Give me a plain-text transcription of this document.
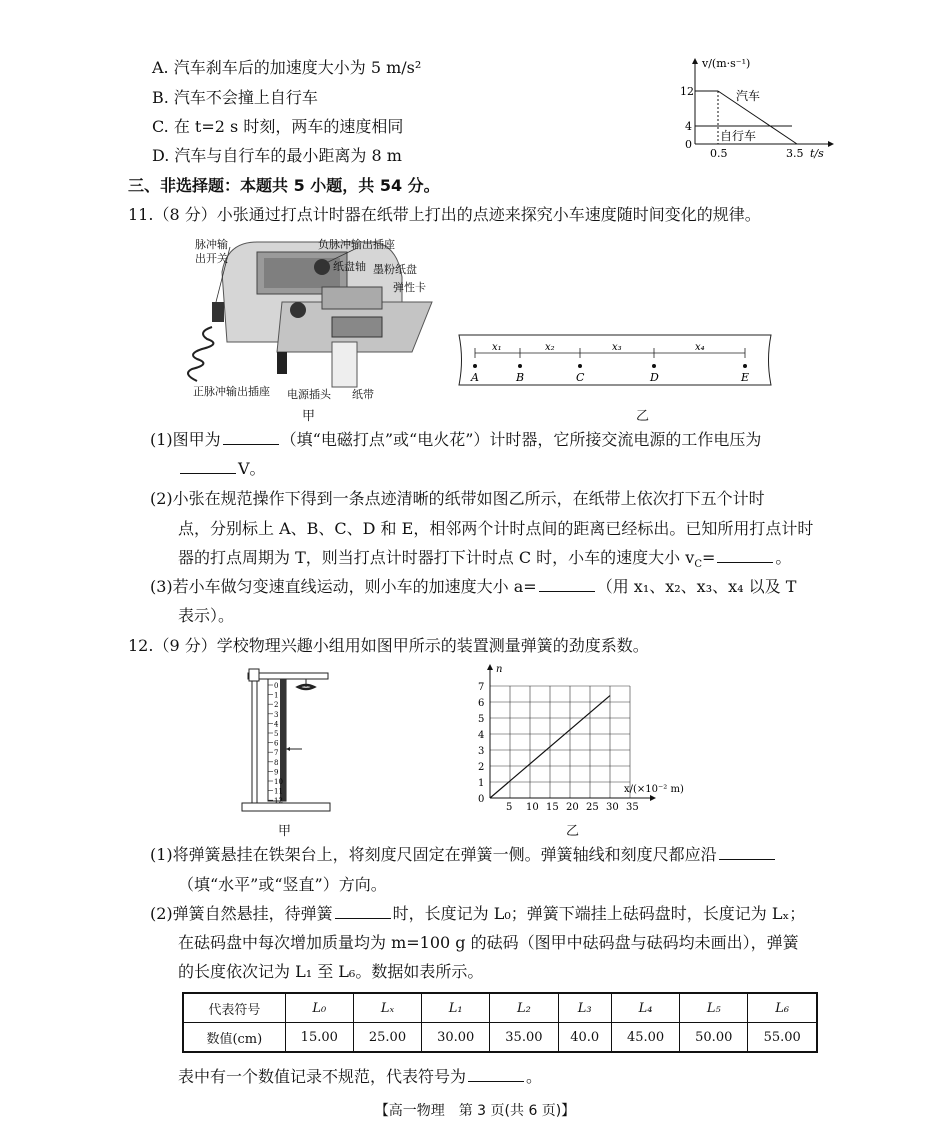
A. 汽车刹车后的加速度大小为 5 m/s²
B. 汽车不会撞上自行车
C. 在 t=2 s 时刻，两车的速度相同
D. 汽车与自行车的最小距离为 8 m
v/(m·s⁻¹)
汽车
自行车
12
4
0
0.5	3.5 t/s
三、非选择题：本题共 5 小题，共 54 分。
11.（8 分）小张通过打点计时器在纸带上打出的点迹来探究小车速度随时间变化的规律。
脉冲输
出开关
负脉冲输出插座
纸盘轴 墨粉纸盘
弹性卡
正脉冲输出插座 电源插头 纸带
甲
A	B	C	D	E
x₁	x₂	x₃	x₄
乙
(1)图甲为	（填“电磁打点”或“电火花”）计时器，它所接交流电源的工作电压为
V。
(2)小张在规范操作下得到一条点迹清晰的纸带如图乙所示，在纸带上依次打下五个计时
点，分别标上 A、B、C、D 和 E，相邻两个计时点间的距离已经标出。已知所用打点计时
器的打点周期为 T，则当打点计时器打下计时点 C 时，小车的速度大小 $v_C=$	。
(3)若小车做匀变速直线运动，则小车的加速度大小 a=	（用 x₁、x₂、x₃、x₄ 以及 T
表示）。
12.（9 分）学校物理兴趣小组用如图甲所示的装置测量弹簧的劲度系数。
0
1
2
3
4
5
6
7
8
9
10
11
12
甲
5 10 15 20 25 30 35
0
1
2
3
4
5
6
7
n
x/(×10⁻² m)
乙
(1)将弹簧悬挂在铁架台上，将刻度尺固定在弹簧一侧。弹簧轴线和刻度尺都应沿
（填“水平”或“竖直”）方向。
(2)弹簧自然悬挂，待弹簧	时，长度记为 L₀；弹簧下端挂上砝码盘时，长度记为 Lₓ；
在砝码盘中每次增加质量均为 m=100 g 的砝码（图甲中砝码盘与砝码均未画出），弹簧
的长度依次记为 L₁ 至 L₆。数据如表所示。
代表符号	L₀	Lₓ	L₁	L₂	L₃	L₄	L₅	L₆
数值(cm)	15.00	25.00	30.00	35.00	40.0	45.00	50.00	55.00
表中有一个数值记录不规范，代表符号为	。
【高一物理　第 3 页(共 6 页)】
